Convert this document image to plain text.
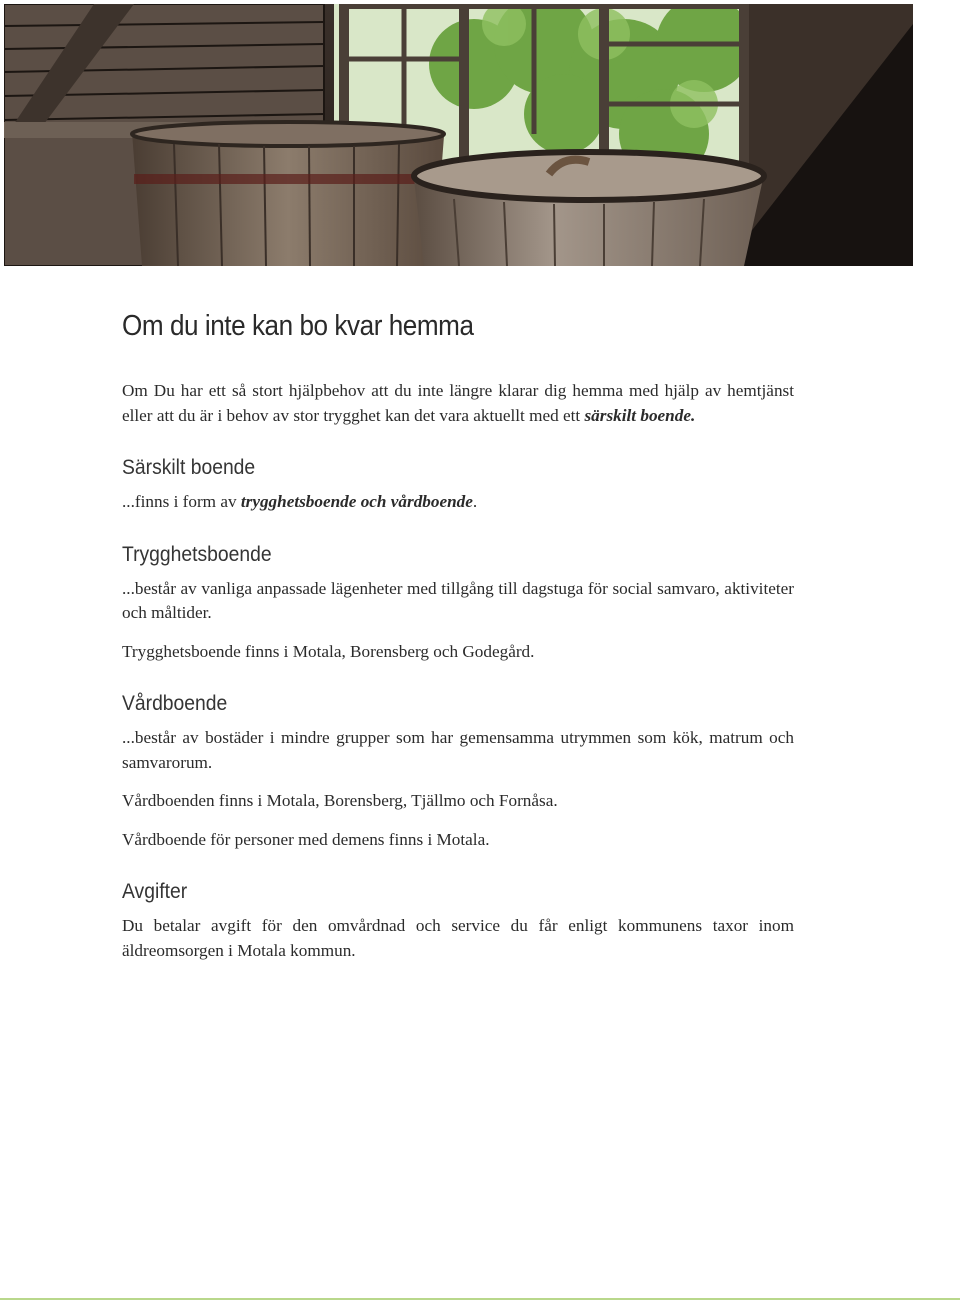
Om du inte kan bo kvar hemma

Om Du har ett så stort hjälpbehov att du inte längre klarar dig hemma med hjälp av hemtjänst eller att du är i behov av stor trygghet kan det vara aktuellt med ett särskilt boende.

Särskilt boende

...finns i form av trygghetsboende och vårdboende.

Trygghetsboende

...består av vanliga anpassade lägenheter med tillgång till dagstuga för social samvaro, aktiviteter och måltider.

Trygghetsboende finns i Motala, Borensberg och Godegård.

Vårdboende

...består av bostäder i mindre grupper som har gemensamma utrymmen som kök, matrum och samvarorum.

Vårdboenden finns i Motala, Borensberg, Tjällmo och Fornåsa.

Vårdboende för personer med demens finns i Motala.

Avgifter

Du betalar avgift för den omvårdnad och service du får enligt kommunens taxor inom äldreomsorgen i Motala kommun.
